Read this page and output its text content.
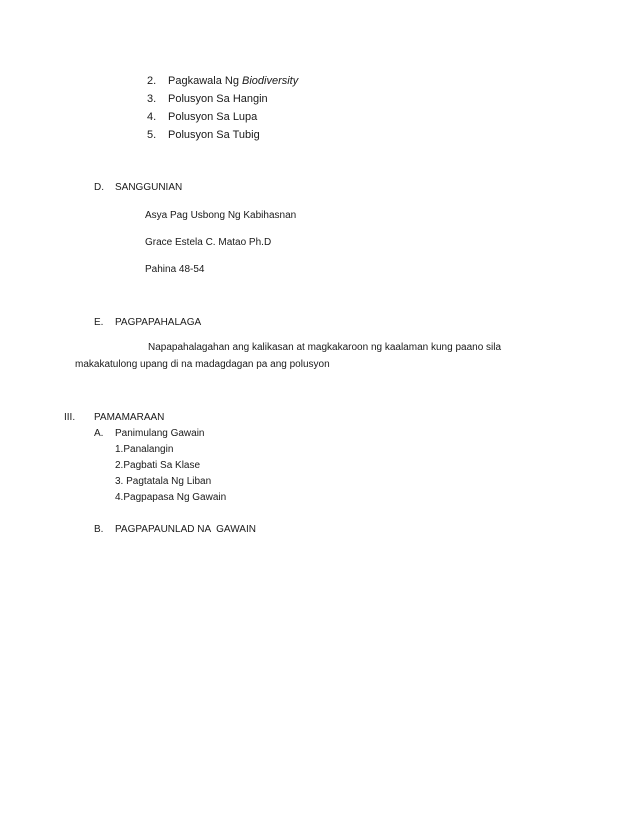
2. Pagkawala Ng Biodiversity
3. Polusyon Sa Hangin
4. Polusyon Sa Lupa
5. Polusyon Sa Tubig
D. SANGGUNIAN
Asya Pag Usbong Ng Kabihasnan
Grace Estela C. Matao Ph.D
Pahina 48-54
E. PAGPAPAHALAGA
Napapahalagahan ang kalikasan at magkakaroon ng kaalaman kung paano sila
makakatulong upang di na madagdagan pa ang polusyon
III. PAMAMARAAN
A. Panimulang Gawain
1.Panalangin
2.Pagbati Sa Klase
3. Pagtatala Ng Liban
4.Pagpapasa Ng Gawain
B. PAGPAPAUNLAD NA  GAWAIN
